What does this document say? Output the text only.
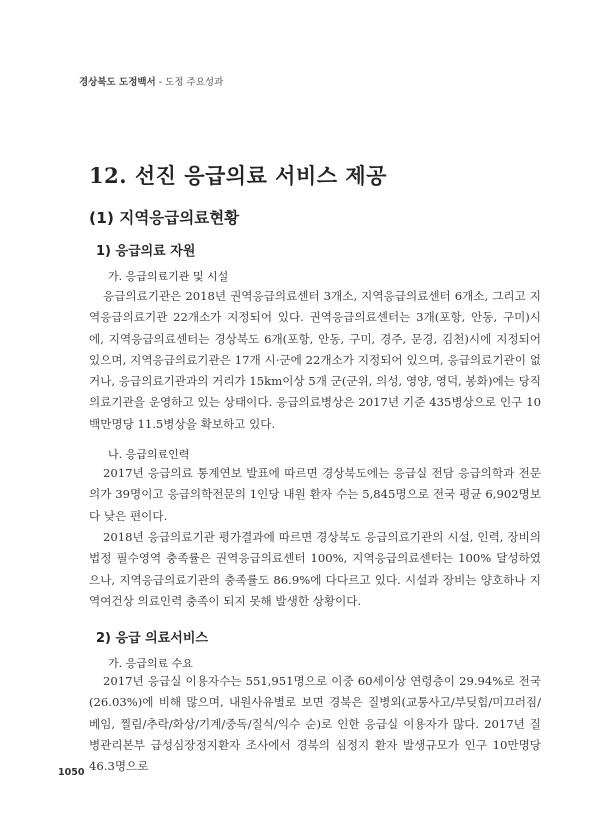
경상북도 도정백서 - 도정 주요성과
12. 선진 응급의료 서비스 제공
(1) 지역응급의료현황
1) 응급의료 자원
가. 응급의료기관 및 시설

응급의료기관은 2018년 권역응급의료센터 3개소, 지역응급의료센터 6개소, 그리고 지역응급의료기관 22개소가 지정되어 있다. 권역응급의료센터는 3개(포항, 안동, 구미)시에, 지역응급의료센터는 경상북도 6개(포항, 안동, 구미, 경주, 문경, 김천)시에 지정되어 있으며, 지역응급의료기관은 17개 시·군에 22개소가 지정되어 있으며, 응급의료기관이 없거나, 응급의료기관과의 거리가 15km이상 5개 군(군위, 의성, 영양, 영덕, 봉화)에는 당직의료기관을 운영하고 있는 상태이다. 응급의료병상은 2017년 기준 435병상으로 인구 10백만명당 11.5병상을 확보하고 있다.

나. 응급의료인력

2017년 응급의료 통계연보 발표에 따르면 경상북도에는 응급실 전담 응급의학과 전문의가 39명이고 응급의학전문의 1인당 내원 환자 수는 5,845명으로 전국 평균 6,902명보다 낮은 편이다.

2018년 응급의료기관 평가결과에 따르면 경상북도 응급의료기관의 시설, 인력, 장비의 법정 필수영역 충족률은 권역응급의료센터 100%, 지역응급의료센터는 100% 달성하였으나, 지역응급의료기관의 충족률도 86.9%에 다다르고 있다. 시설과 장비는 양호하나 지역여건상 의료인력 충족이 되지 못해 발생한 상황이다.

2) 응급 의료서비스
가. 응급의료 수요

2017년 응급실 이용자수는 551,951명으로 이중 60세이상 연령층이 29.94%로 전국(26.03%)에 비해 많으며, 내원사유별로 보면 경북은 질병외(교통사고/부딪힘/미끄러짐/베임, 찔림/추락/화상/기계/중독/질식/익수 순)로 인한 응급실 이용자가 많다. 2017년 질병관리본부 급성심장정지환자 조사에서 경북의 심정지 환자 발생규모가 인구 10만명당 46.3명으로

1050
